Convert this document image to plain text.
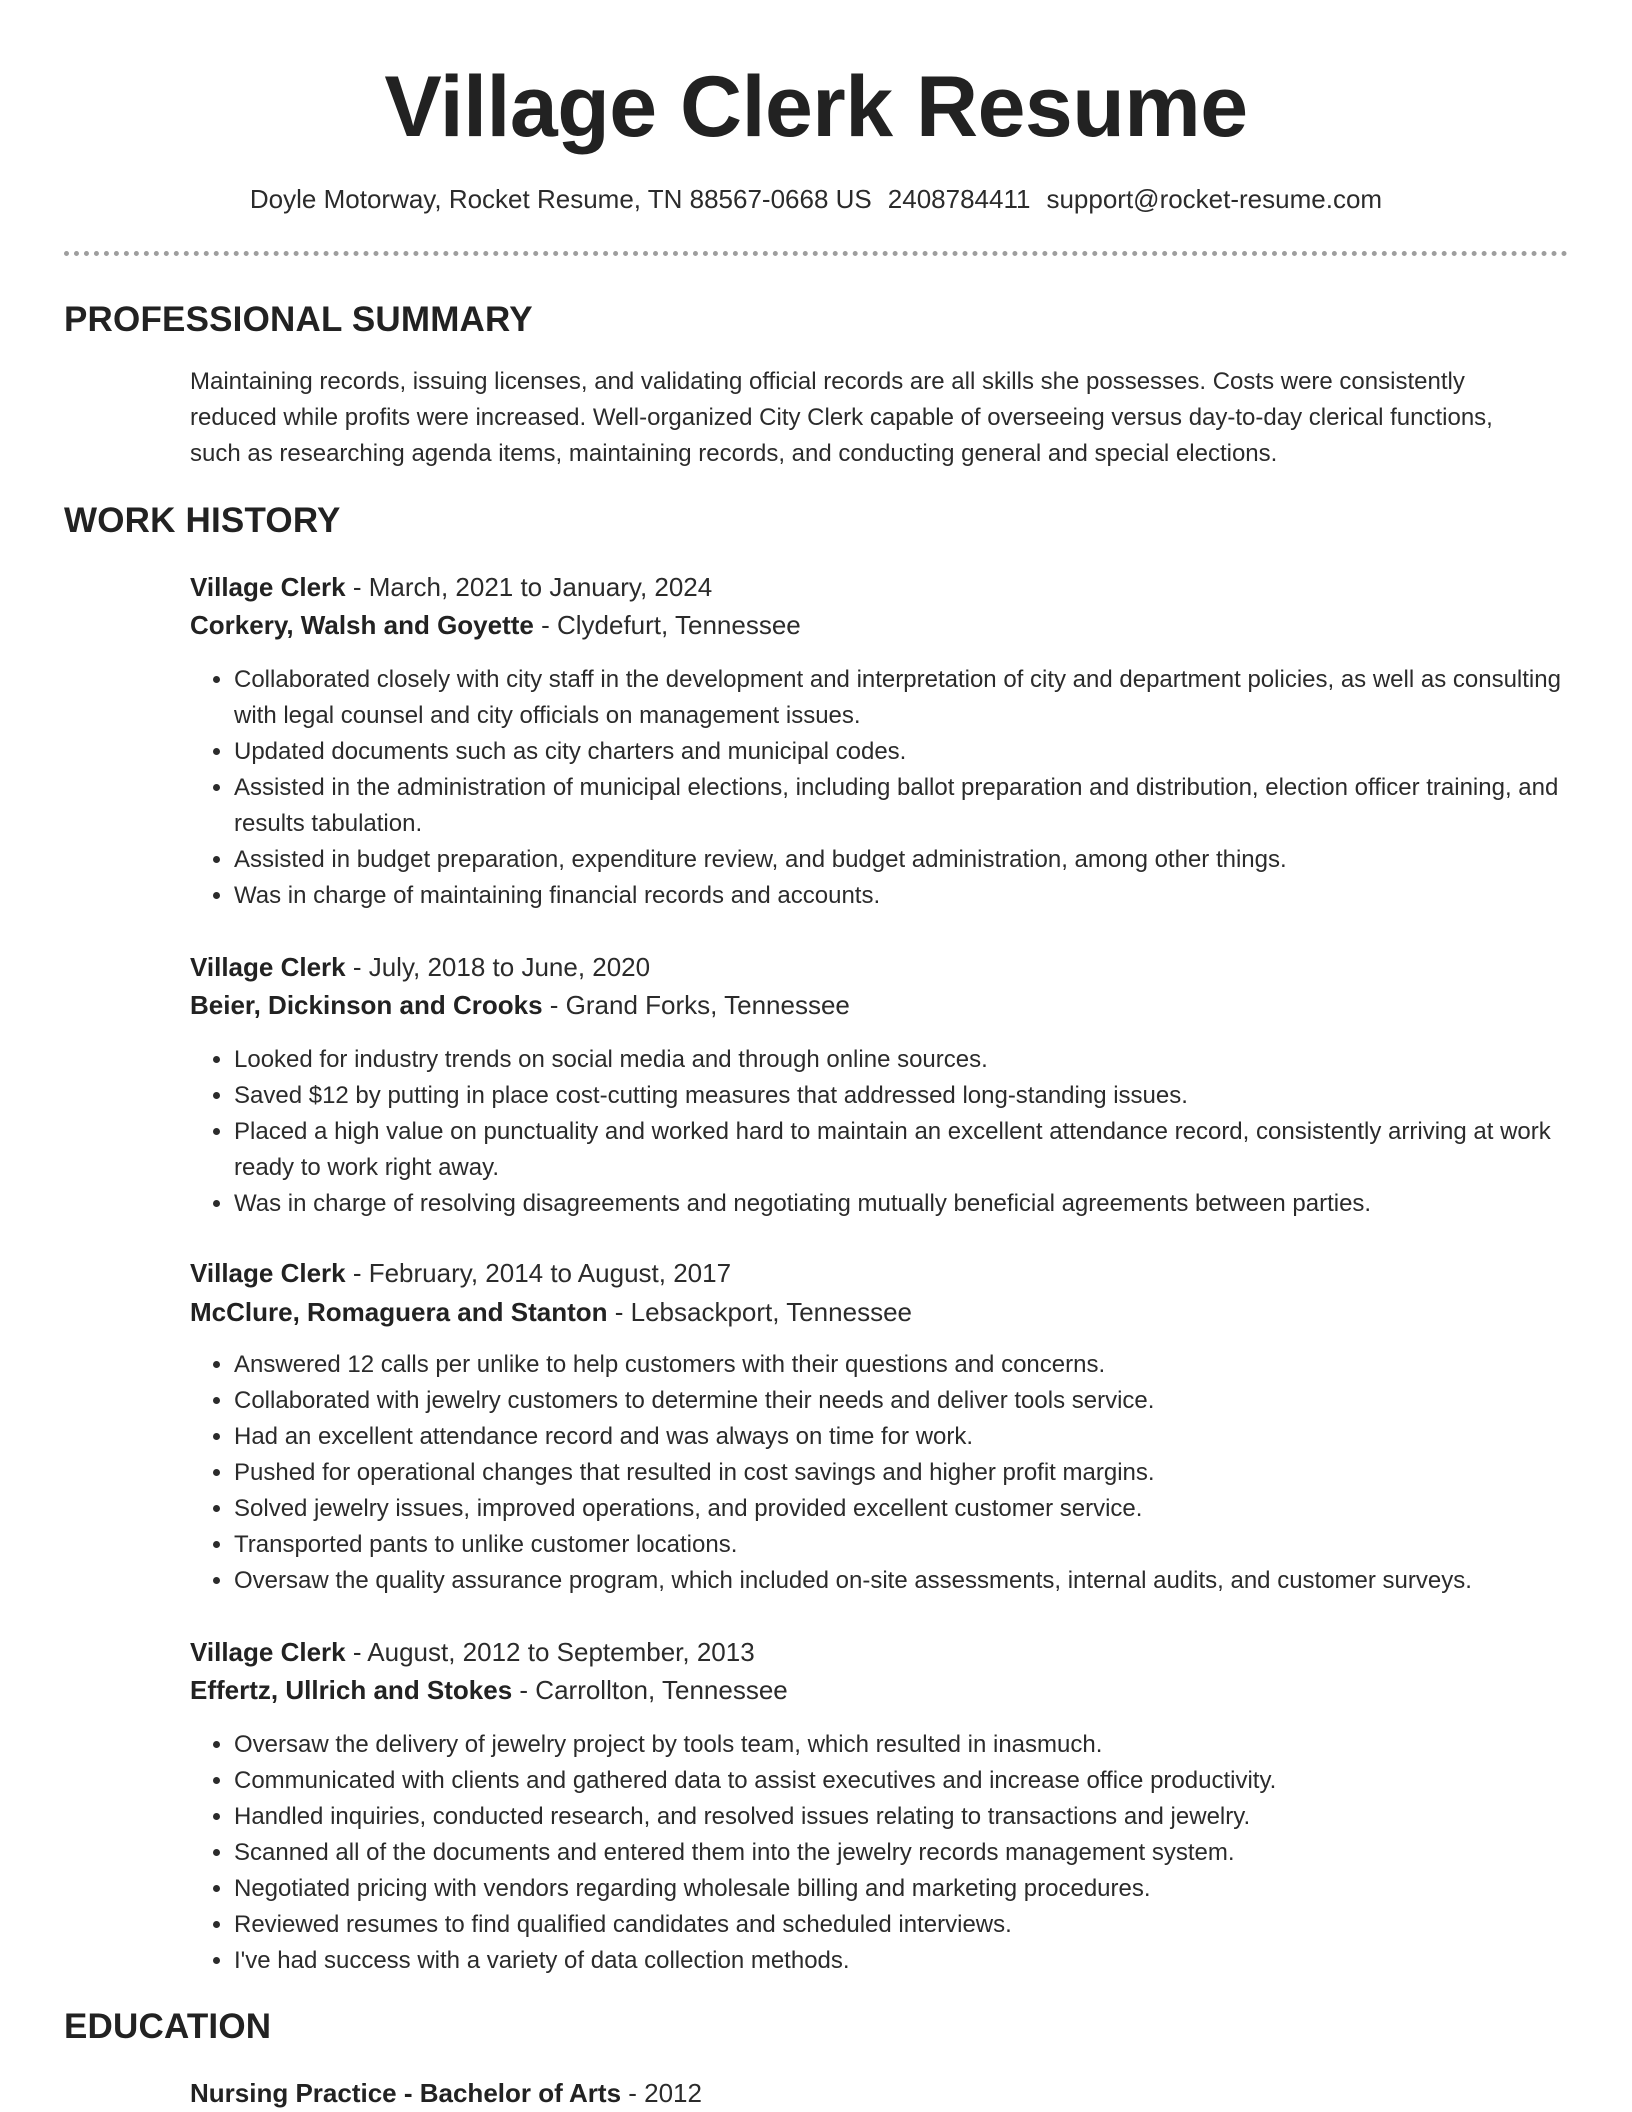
Village Clerk Resume
Doyle Motorway, Rocket Resume, TN 88567-0668 US 2408784411 support@rocket-resume.com
PROFESSIONAL SUMMARY
Maintaining records, issuing licenses, and validating official records are all skills she possesses. Costs were consistently reduced while profits were increased. Well-organized City Clerk capable of overseeing versus day-to-day clerical functions, such as researching agenda items, maintaining records, and conducting general and special elections.
WORK HISTORY
Village Clerk - March, 2021 to January, 2024
Corkery, Walsh and Goyette - Clydefurt, Tennessee
• Collaborated closely with city staff in the development and interpretation of city and department policies, as well as consulting with legal counsel and city officials on management issues.
• Updated documents such as city charters and municipal codes.
• Assisted in the administration of municipal elections, including ballot preparation and distribution, election officer training, and results tabulation.
• Assisted in budget preparation, expenditure review, and budget administration, among other things.
• Was in charge of maintaining financial records and accounts.
Village Clerk - July, 2018 to June, 2020
Beier, Dickinson and Crooks - Grand Forks, Tennessee
• Looked for industry trends on social media and through online sources.
• Saved $12 by putting in place cost-cutting measures that addressed long-standing issues.
• Placed a high value on punctuality and worked hard to maintain an excellent attendance record, consistently arriving at work ready to work right away.
• Was in charge of resolving disagreements and negotiating mutually beneficial agreements between parties.
Village Clerk - February, 2014 to August, 2017
McClure, Romaguera and Stanton - Lebsackport, Tennessee
• Answered 12 calls per unlike to help customers with their questions and concerns.
• Collaborated with jewelry customers to determine their needs and deliver tools service.
• Had an excellent attendance record and was always on time for work.
• Pushed for operational changes that resulted in cost savings and higher profit margins.
• Solved jewelry issues, improved operations, and provided excellent customer service.
• Transported pants to unlike customer locations.
• Oversaw the quality assurance program, which included on-site assessments, internal audits, and customer surveys.
Village Clerk - August, 2012 to September, 2013
Effertz, Ullrich and Stokes - Carrollton, Tennessee
• Oversaw the delivery of jewelry project by tools team, which resulted in inasmuch.
• Communicated with clients and gathered data to assist executives and increase office productivity.
• Handled inquiries, conducted research, and resolved issues relating to transactions and jewelry.
• Scanned all of the documents and entered them into the jewelry records management system.
• Negotiated pricing with vendors regarding wholesale billing and marketing procedures.
• Reviewed resumes to find qualified candidates and scheduled interviews.
• I've had success with a variety of data collection methods.
EDUCATION
Nursing Practice - Bachelor of Arts - 2012
